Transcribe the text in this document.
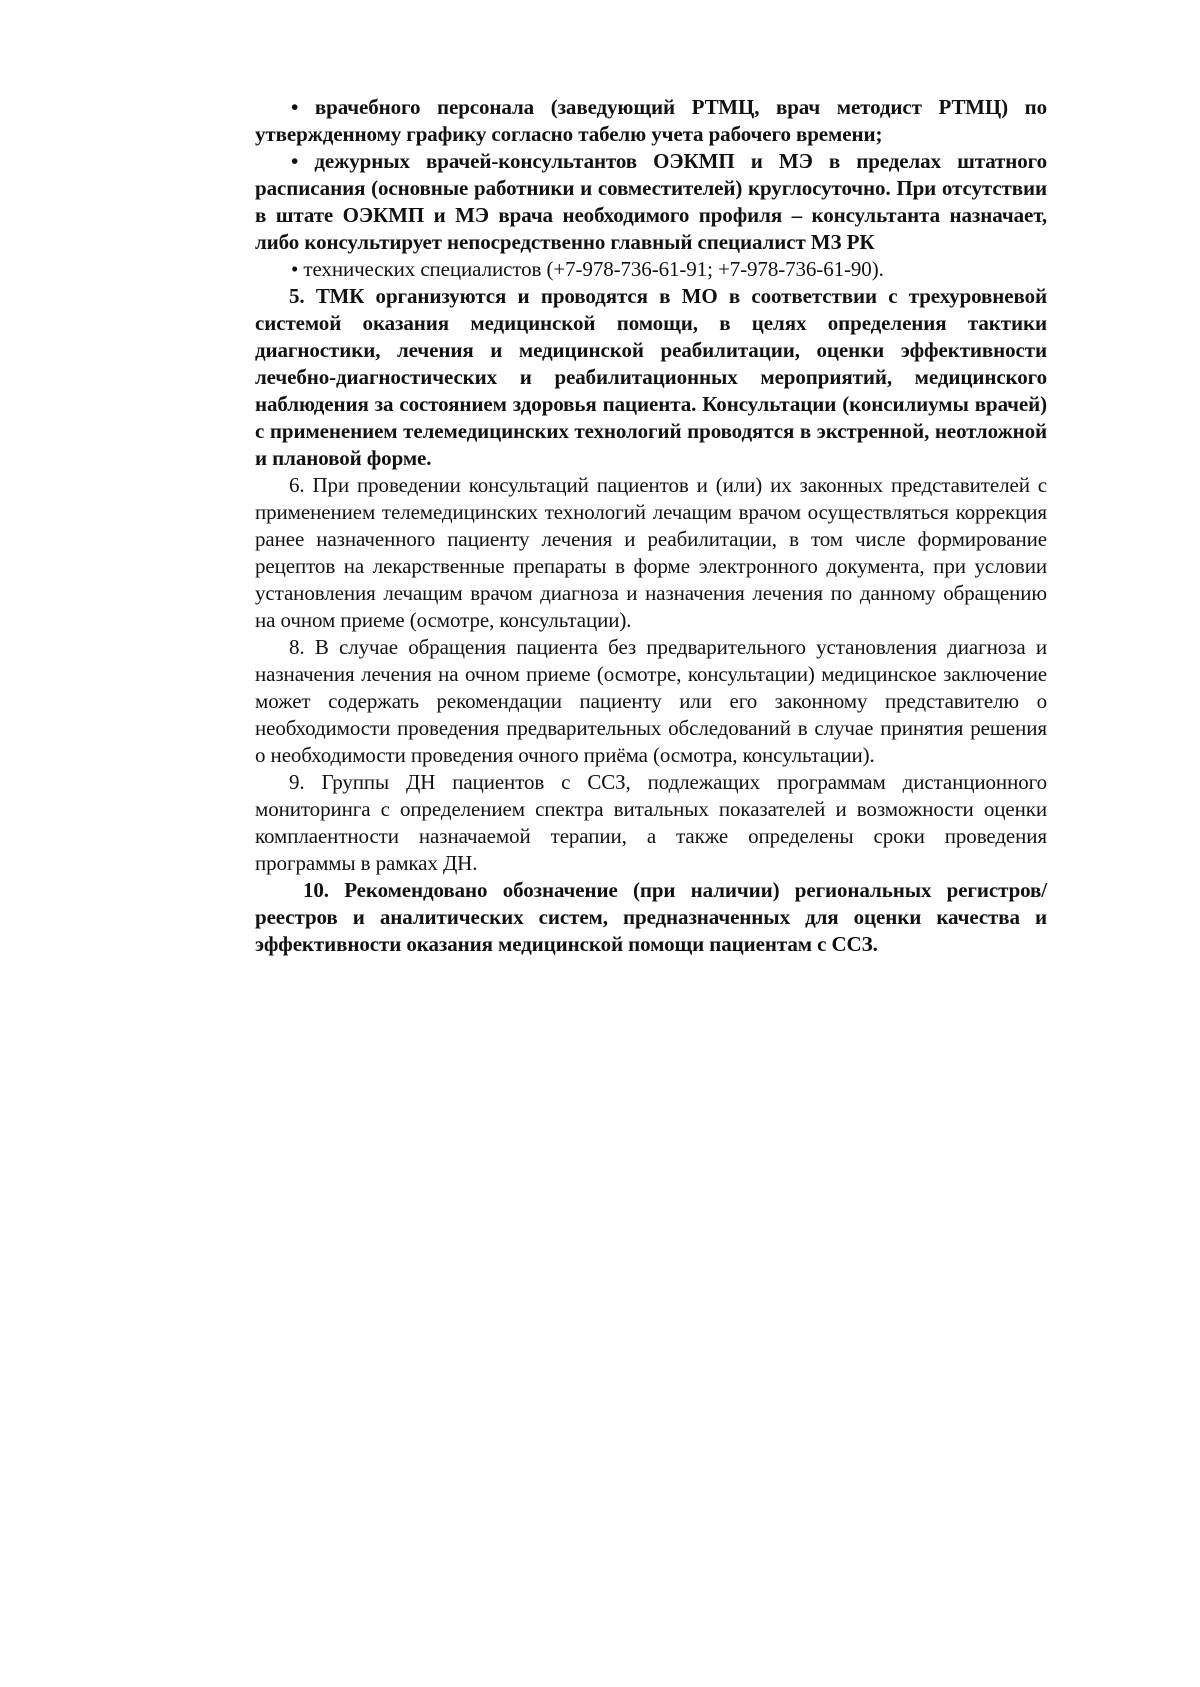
• врачебного персонала (заведующий РТМЦ, врач методист РТМЦ) по утвержденному графику согласно табелю учета рабочего времени;

• дежурных врачей-консультантов ОЭКМП и МЭ в пределах штатного расписания (основные работники и совместителей) круглосуточно. При отсутствии в штате ОЭКМП и МЭ врача необходимого профиля – консультанта назначает, либо консультирует непосредственно главный специалист МЗ РК

• технических специалистов (+7-978-736-61-91; +7-978-736-61-90).

5. ТМК организуются и проводятся в МО в соответствии с трехуровневой системой оказания медицинской помощи, в целях определения тактики диагностики, лечения и медицинской реабилитации, оценки эффективности лечебно-диагностических и реабилитационных мероприятий, медицинского наблюдения за состоянием здоровья пациента. Консультации (консилиумы врачей) с применением телемедицинских технологий проводятся в экстренной, неотложной и плановой форме.

6. При проведении консультаций пациентов и (или) их законных представителей с применением телемедицинских технологий лечащим врачом осуществляться коррекция ранее назначенного пациенту лечения и реабилитации, в том числе формирование рецептов на лекарственные препараты в форме электронного документа, при условии установления лечащим врачом диагноза и назначения лечения по данному обращению на очном приеме (осмотре, консультации).

8. В случае обращения пациента без предварительного установления диагноза и назначения лечения на очном приеме (осмотре, консультации) медицинское заключение может содержать рекомендации пациенту или его законному представителю о необходимости проведения предварительных обследований в случае принятия решения о необходимости проведения очного приёма (осмотра, консультации).

9. Группы ДН пациентов с ССЗ, подлежащих программам дистанционного мониторинга с определением спектра витальных показателей и возможности оценки комплаентности назначаемой терапии, а также определены сроки проведения программы в рамках ДН.

10. Рекомендовано обозначение (при наличии) региональных регистров/реестров и аналитических систем, предназначенных для оценки качества и эффективности оказания медицинской помощи пациентам с ССЗ.
